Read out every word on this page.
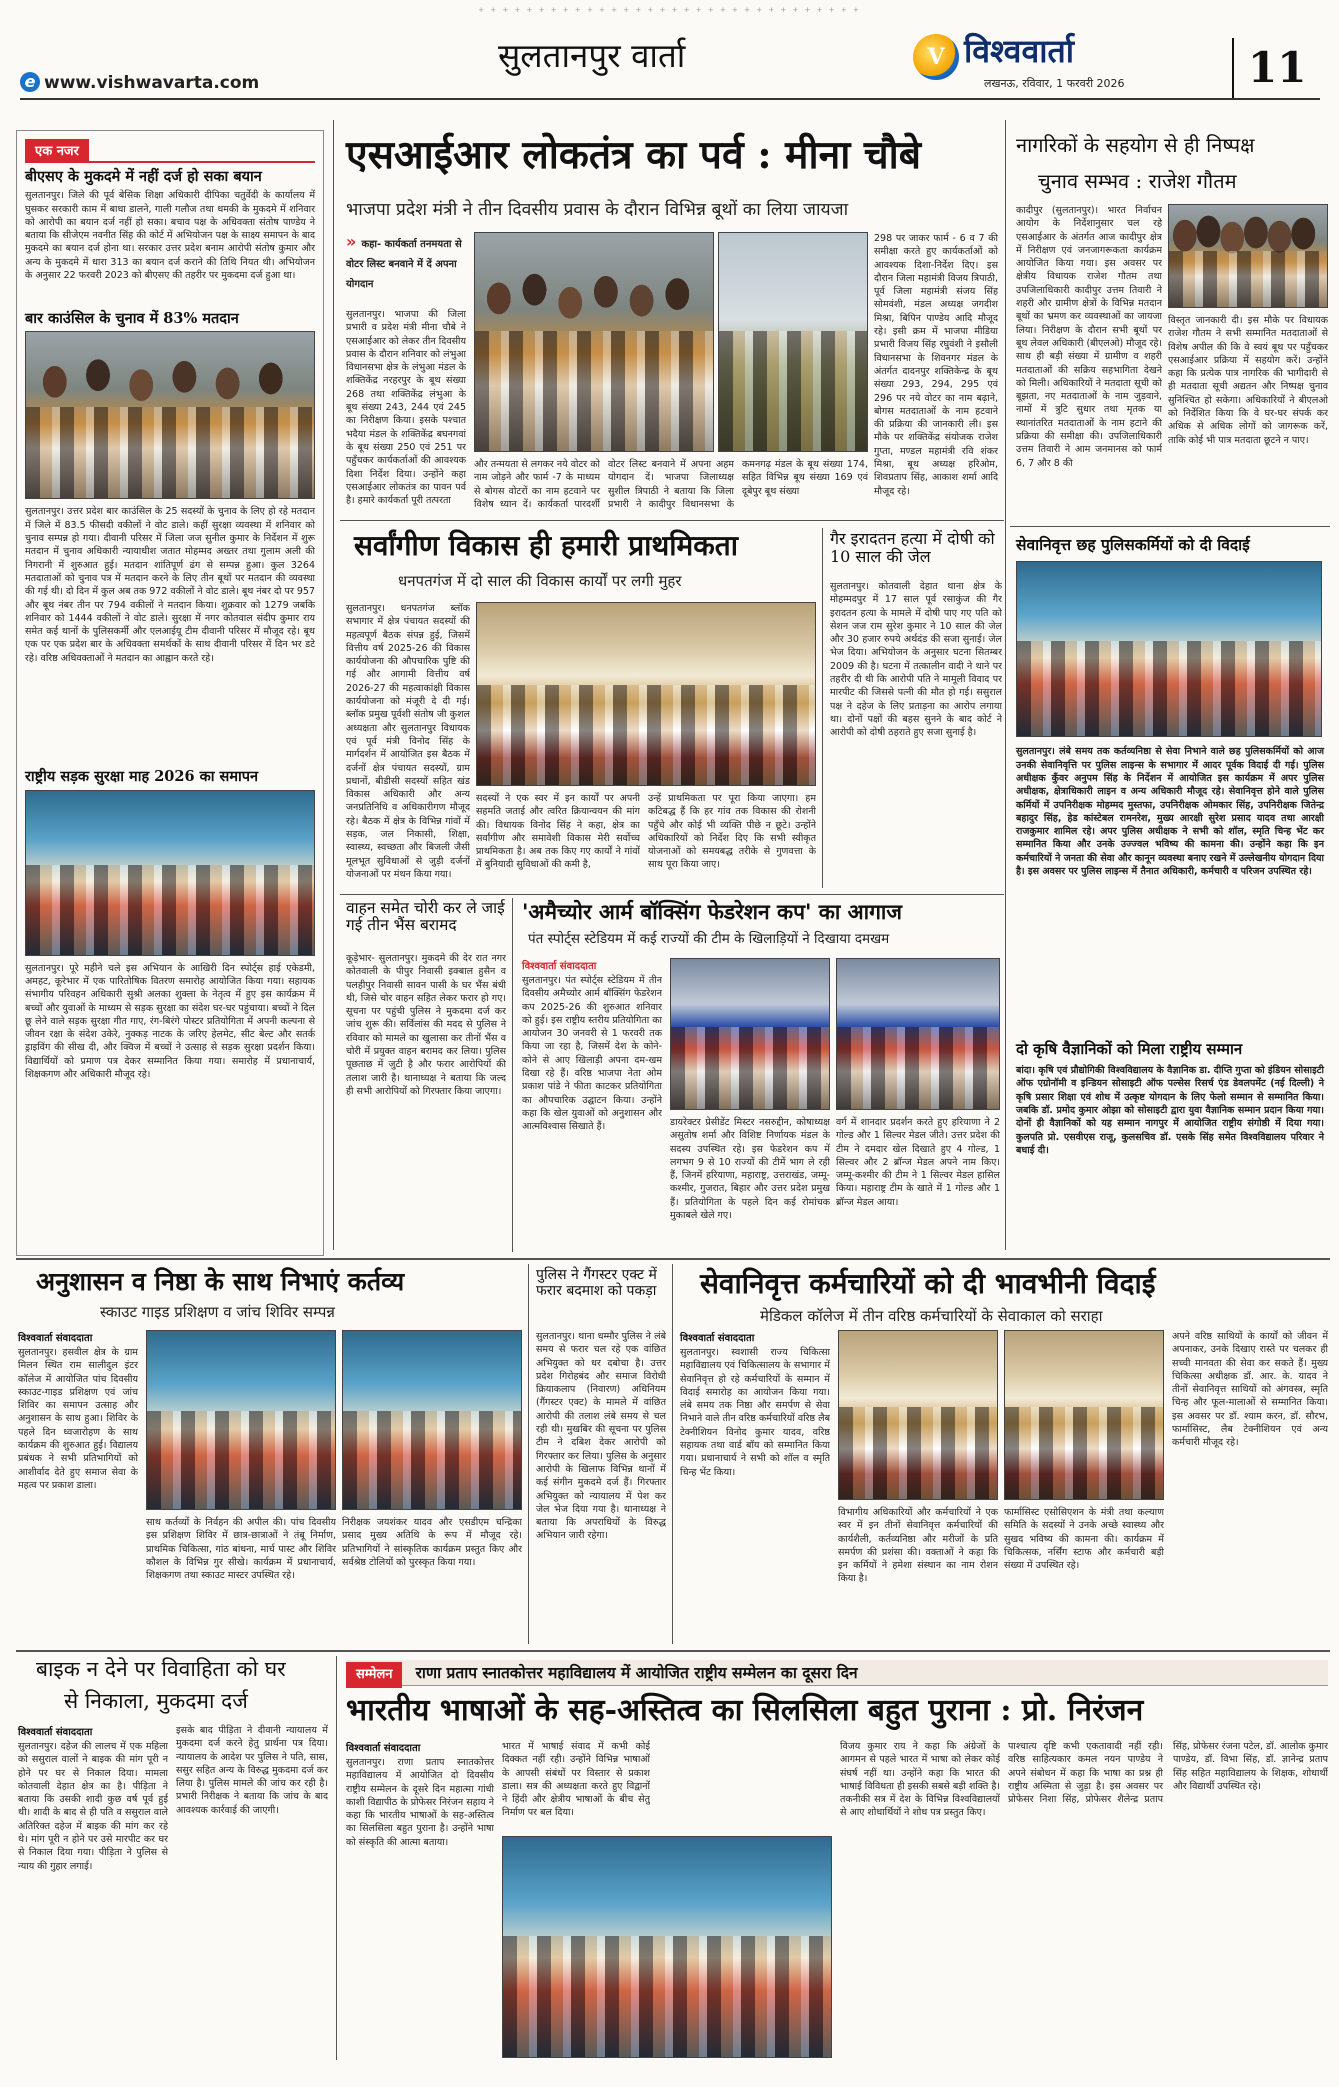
+ + + + + + + + + + + + + + + + + + + + + + + + + + + + + + + +
e www.vishwavarta.com
सुलतानपुर वार्ता	V विश्ववार्ता
लखनऊ, रविवार, 1 फरवरी 2026	11
एक नजर
बीएसए के मुकदमे में नहीं दर्ज हो सका बयान
सुलतानपुर। जिले की पूर्व बेसिक शिक्षा अधिकारी दीपिका चतुर्वेदी के कार्यालय में घुसकर सरकारी काम में बाधा डालने, गाली गलौज तथा धमकी के मुकदमे में शनिवार को आरोपी का बयान दर्ज नहीं हो सका। बचाव पक्ष के अधिवक्ता संतोष पाण्डेय ने बताया कि सीजेएम नवनीत सिंह की कोर्ट में अभियोजन पक्ष के साक्ष्य समापन के बाद मुकदमे का बयान दर्ज होना था। सरकार उत्तर प्रदेश बनाम आरोपी संतोष कुमार और अन्य के मुकदमे में धारा 313 का बयान दर्ज कराने की तिथि नियत थी। अभियोजन के अनुसार 22 फरवरी 2023 को बीएसए की तहरीर पर मुकदमा दर्ज हुआ था।
बार काउंसिल के चुनाव में 83% मतदान
सुलतानपुर। उत्तर प्रदेश बार काउंसिल के 25 सदस्यों के चुनाव के लिए हो रहे मतदान में जिले में 83.5 फीसदी वकीलों ने वोट डाले। कहीं सुरक्षा व्यवस्था में शनिवार को चुनाव सम्पन्न हो गया। दीवानी परिसर में जिला जज सुनील कुमार के निर्देशन में शुरू मतदान में चुनाव अधिकारी न्यायाधीश जतात मोहम्मद अख्तर तथा गुलाम अली की निगरानी में शुरुआत हुई। मतदान शांतिपूर्ण ढंग से सम्पन्न हुआ। कुल 3264 मतदाताओं को चुनाव पत्र में मतदान करने के लिए तीन बूथों पर मतदान की व्यवस्था की गई थी। दो दिन में कुल अब तक 972 वकीलों ने वोट डाले। बूथ नंबर दो पर 957 और बूथ नंबर तीन पर 794 वकीलों ने मतदान किया। शुक्रवार को 1279 जबकि शनिवार को 1444 वकीलों ने वोट डाले। सुरक्षा में नगर कोतवाल संदीप कुमार राय समेत कई थानों के पुलिसकर्मी और एलआईयू टीम दीवानी परिसर में मौजूद रहे। बूथ एक पर एक प्रदेश बार के अधिवक्ता समर्थकों के साथ दीवानी परिसर में दिन भर डटे रहे। वरिष्ठ अधिवक्ताओं ने मतदान का आह्वान करते रहे।
राष्ट्रीय सड़क सुरक्षा माह 2026 का समापन
सुलतानपुर। पूरे महीने चले इस अभियान के आखिरी दिन स्पोर्ट्स हाई एकेडमी, अमहट, कूरेभार में एक पारितोषिक वितरण समारोह आयोजित किया गया। सहायक संभागीय परिवहन अधिकारी सुश्री अलका शुक्ला के नेतृत्व में हुए इस कार्यक्रम में बच्चों और युवाओं के माध्यम से सड़क सुरक्षा का संदेश घर-घर पहुंचाया। बच्चों ने दिल छू लेने वाले सड़क सुरक्षा गीत गाए, रंग-बिरंगे पोस्टर प्रतियोगिता में अपनी कल्पना से जीवन रक्षा के संदेश उकेरे, नुक्कड़ नाटक के जरिए हेलमेट, सीट बेल्ट और सतर्क ड्राइविंग की सीख दी, और क्विज में बच्चों ने उत्साह से सड़क सुरक्षा प्रदर्शन किया। विद्यार्थियों को प्रमाण पत्र देकर सम्मानित किया गया। समारोह में प्रधानाचार्य, शिक्षकगण और अधिकारी मौजूद रहे।
एसआईआर लोकतंत्र का पर्व : मीना चौबे
भाजपा प्रदेश मंत्री ने तीन दिवसीय प्रवास के दौरान विभिन्न बूथों का लिया जायजा
» कहा- कार्यकर्ता तनमयता से वोटर लिस्ट बनवाने में दें अपना योगदान
सुलतानपुर। भाजपा की जिला प्रभारी व प्रदेश मंत्री मीना चौबे ने एसआईआर को लेकर तीन दिवसीय प्रवास के दौरान शनिवार को लंभुआ विधानसभा क्षेत्र के लंभुआ मंडल के शक्तिकेंद्र नरहरपुर के बूथ संख्या 268 तथा शक्तिकेंद्र लंभुआ के बूथ संख्या 243, 244 एवं 245 का निरीक्षण किया। इसके पश्चात भदैया मंडल के शक्तिकेंद्र बघनगवां के बूथ संख्या 250 एवं 251 पर पहुँचकर कार्यकर्ताओं की आवश्यक दिशा निर्देश दिया। उन्होंने कहा एसआईआर लोकतंत्र का पावन पर्व है। हमारे कार्यकर्ता पूरी तत्परता
और तन्मयता से लगकर नये वोटर को नाम जोड़ने और फार्म -7 के माध्यम से बोगस वोटरों का नाम हटवाने पर विशेष ध्यान दें। कार्यकर्ता पारदर्शी वोटर लिस्ट बनवाने में अपना अहम योगदान दें। भाजपा जिलाध्यक्ष सुशील त्रिपाठी ने बताया कि जिला प्रभारी ने कादीपुर विधानसभा के कमनगढ़ मंडल के बूथ संख्या 174, सहित विभिन्न बूथ संख्या 169 एवं दूबेपुर बूथ संख्या
298 पर जाकर फार्म - 6 व 7 की समीक्षा करते हुए कार्यकर्ताओं को आवश्यक दिशा-निर्देश दिए। इस दौरान जिला महामंत्री विजय त्रिपाठी, पूर्व जिला महामंत्री संजय सिंह सोमवंशी, मंडल अध्यक्ष जगदीश मिश्रा, बिपिन पाण्डेय आदि मौजूद रहे। इसी क्रम में भाजपा मीडिया प्रभारी विजय सिंह रघुवंशी ने इसौली विधानसभा के शिवनगर मंडल के अंतर्गत दादनपुर शक्तिकेन्द्र के बूथ संख्या 293, 294, 295 एवं 296 पर नये वोटर का नाम बढ़ाने, बोगस मतदाताओं के नाम हटवाने की प्रक्रिया की जानकारी ली। इस मौके पर शक्तिकेंद्र संयोजक राजेश गुप्ता, मण्डल महामंत्री रवि शंकर मिश्रा, बूथ अध्यक्ष हरिओम, शिवप्रताप सिंह, आकाश शर्मा आदि मौजूद रहे।
नागरिकों के सहयोग से ही निष्पक्ष
चुनाव सम्भव : राजेश गौतम
कादीपुर (सुलतानपुर)। भारत निर्वाचन आयोग के निर्देशानुसार चल रहे एसआईआर के अंतर्गत आज कादीपुर क्षेत्र में निरीक्षण एवं जनजागरूकता कार्यक्रम आयोजित किया गया। इस अवसर पर क्षेत्रीय विधायक राजेश गौतम तथा उपजिलाधिकारी कादीपुर उत्तम तिवारी ने शहरी और ग्रामीण क्षेत्रों के विभिन्न मतदान बूथों का भ्रमण कर व्यवस्थाओं का जायजा लिया। निरीक्षण के दौरान सभी बूथों पर बूथ लेवल अधिकारी (बीएलओ) मौजूद रहे। साथ ही बड़ी संख्या में ग्रामीण व शहरी मतदाताओं की सक्रिय सहभागिता देखने को मिली। अधिकारियों ने मतदाता सूची को बूझता, नए मतदाताओं के नाम जुड़वाने, नामों में त्रुटि सुधार तथा मृतक या स्थानांतरित मतदाताओं के नाम हटाने की प्रक्रिया की समीक्षा की। उपजिलाधिकारी उत्तम तिवारी ने आम जनमानस को फार्म 6, 7 और 8 की
विस्तृत जानकारी दी। इस मौके पर विधायक राजेश गौतम ने सभी सम्मानित मतदाताओं से विशेष अपील की कि वे स्वयं बूथ पर पहुँचकर एसआईआर प्रक्रिया में सहयोग करें। उन्होंने कहा कि प्रत्येक पात्र नागरिक की भागीदारी से ही मतदाता सूची अद्यतन और निष्पक्ष चुनाव सुनिश्चित हो सकेगा। अधिकारियों ने बीएलओ को निर्देशित किया कि वे घर-घर संपर्क कर अधिक से अधिक लोगों को जागरूक करें, ताकि कोई भी पात्र मतदाता छूटने न पाए।
सर्वांगीण विकास ही हमारी प्राथमिकता
धनपतगंज में दो साल की विकास कार्यों पर लगी मुहर
सुलतानपुर। धनपतगंज ब्लॉक सभागार में क्षेत्र पंचायत सदस्यों की महत्वपूर्ण बैठक संपन्न हुई, जिसमें वित्तीय वर्ष 2025-26 की विकास कार्ययोजना की औपचारिक पुष्टि की गई और आगामी वित्तीय वर्ष 2026-27 की महत्वाकांक्षी विकास कार्ययोजना को मंजूरी दे दी गई। ब्लॉक प्रमुख पूर्वशी संतोष जी कुशल अध्यक्षता और सुलतानपुर विधायक एवं पूर्व मंत्री विनोद सिंह के मार्गदर्शन में आयोजित इस बैठक में दर्जनों क्षेत्र पंचायत सदस्यों, ग्राम प्रधानों, बीडीसी सदस्यों सहित खंड विकास अधिकारी और अन्य जनप्रतिनिधि व अधिकारीगण मौजूद रहे। बैठक में क्षेत्र के विभिन्न गांवों में सड़क, जल निकासी, शिक्षा, स्वास्थ्य, स्वच्छता और बिजली जैसी मूलभूत सुविधाओं से जुड़ी दर्जनों योजनाओं पर मंथन किया गया।
सदस्यों ने एक स्वर में इन कार्यों पर अपनी सहमति जताई और त्वरित क्रियान्वयन की मांग की। विधायक विनोद सिंह ने कहा, क्षेत्र का सर्वांगीण और समावेशी विकास मेरी सर्वोच्च प्राथमिकता है। अब तक किए गए कार्यों ने गांवों में बुनियादी सुविधाओं की कमी है,
उन्हें प्राथमिकता पर पूरा किया जाएगा। हम कटिबद्ध हैं कि हर गांव तक विकास की रोशनी पहुँचे और कोई भी व्यक्ति पीछे न छूटे। उन्होंने अधिकारियों को निर्देश दिए कि सभी स्वीकृत योजनाओं को समयबद्ध तरीके से गुणवत्ता के साथ पूरा किया जाए।
गैर इरादतन हत्या में दोषी को 10 साल की जेल
सुलतानपुर। कोतवाली देहात थाना क्षेत्र के मोहम्मदपुर में 17 साल पूर्व रसाकुंज की गैर इरादतन हत्या के मामले में दोषी पाए गए पति को सेशन जज राम सुरेश कुमार ने 10 साल की जेल और 30 हजार रुपये अर्थदंड की सजा सुनाई। जेल भेज दिया। अभियोजन के अनुसार घटना सितम्बर 2009 की है। घटना में तत्कालीन वादी ने थाने पर तहरीर दी थी कि आरोपी पति ने मामूली विवाद पर मारपीट की जिससे पत्नी की मौत हो गई। ससुराल पक्ष ने दहेज के लिए प्रताड़ना का आरोप लगाया था। दोनों पक्षों की बहस सुनने के बाद कोर्ट ने आरोपी को दोषी ठहराते हुए सजा सुनाई है।
सेवानिवृत्त छह पुलिसकर्मियों को दी विदाई
सुलतानपुर। लंबे समय तक कर्तव्यनिष्ठा से सेवा निभाने वाले छह पुलिसकर्मियों को आज उनकी सेवानिवृत्ति पर पुलिस लाइन्स के सभागार में आदर पूर्वक विदाई दी गई। पुलिस अधीक्षक कुँवर अनुपम सिंह के निर्देशन में आयोजित इस कार्यक्रम में अपर पुलिस अधीक्षक, क्षेत्राधिकारी लाइन व अन्य अधिकारी मौजूद रहे। सेवानिवृत्त होने वाले पुलिस कर्मियों में उपनिरीक्षक मोहम्मद मुस्तफा, उपनिरीक्षक ओमकार सिंह, उपनिरीक्षक जितेन्द्र बहादुर सिंह, हेड कांस्टेबल रामनरेश, मुख्य आरक्षी सुरेश प्रसाद यादव तथा आरक्षी राजकुमार शामिल रहे। अपर पुलिस अधीक्षक ने सभी को शॉल, स्मृति चिन्ह भेंट कर सम्मानित किया और उनके उज्ज्वल भविष्य की कामना की। उन्होंने कहा कि इन कर्मचारियों ने जनता की सेवा और कानून व्यवस्था बनाए रखने में उल्लेखनीय योगदान दिया है। इस अवसर पर पुलिस लाइन्स में तैनात अधिकारी, कर्मचारी व परिजन उपस्थित रहे।
दो कृषि वैज्ञानिकों को मिला राष्ट्रीय सम्मान
बांदा। कृषि एवं प्रौद्योगिकी विश्वविद्यालय के वैज्ञानिक डा. दीप्ति गुप्ता को इंडियन सोसाइटी ऑफ एग्रोनॉमी व इन्डियन सोसाइटी ऑफ पल्सेस रिसर्च एंड डेवलपमेंट (नई दिल्ली) ने कृषि प्रसार शिक्षा एवं शोध में उत्कृष्ट योगदान के लिए फेलो सम्मान से सम्मानित किया। जबकि डॉ. प्रमोद कुमार ओझा को सोसाइटी द्वारा युवा वैज्ञानिक सम्मान प्रदान किया गया। दोनों ही वैज्ञानिकों को यह सम्मान नागपुर में आयोजित राष्ट्रीय संगोष्ठी में दिया गया। कुलपति प्रो. एसवीएस राजू, कुलसचिव डॉ. एसके सिंह समेत विश्वविद्यालय परिवार ने बधाई दी।
वाहन समेत चोरी कर ले जाई गई तीन भैंस बरामद
कूड़ेभार- सुलतानपुर। मुकदमे की देर रात नगर कोतवाली के पीपुर निवासी इक्बाल हुसैन व पलहीपुर निवासी सावन पासी के घर भैंस बंधी थी, जिसे चोर वाहन सहित लेकर फरार हो गए। सूचना पर पहुंची पुलिस ने मुकदमा दर्ज कर जांच शुरू की। सर्विलांस की मदद से पुलिस ने रविवार को मामले का खुलासा कर तीनों भैंस व चोरी में प्रयुक्त वाहन बरामद कर लिया। पुलिस पूछताछ में जुटी है और फरार आरोपियों की तलाश जारी है। थानाध्यक्ष ने बताया कि जल्द ही सभी आरोपियों को गिरफ्तार किया जाएगा।
'अमैच्योर आर्म बॉक्सिंग फेडरेशन कप' का आगाज
पंत स्पोर्ट्स स्टेडियम में कई राज्यों की टीम के खिलाड़ियों ने दिखाया दमखम
विश्ववार्ता संवाददाता
सुलतानपुर। पंत स्पोर्ट्स स्टेडियम में तीन दिवसीय अमैच्योर आर्म बॉक्सिंग फेडरेशन कप 2025-26 की शुरुआत शनिवार को हुई। इस राष्ट्रीय स्तरीय प्रतियोगिता का आयोजन 30 जनवरी से 1 फरवरी तक किया जा रहा है, जिसमें देश के कोने-कोने से आए खिलाड़ी अपना दम-खम दिखा रहे हैं। वरिष्ठ भाजपा नेता ओम प्रकाश पांडे ने फीता काटकर प्रतियोगिता का औपचारिक उद्घाटन किया। उन्होंने कहा कि खेल युवाओं को अनुशासन और आत्मविश्वास सिखाते हैं।	डायरेक्टर प्रेसीडेंट मिस्टर नसरुद्दीन, कोषाध्यक्ष असुतोष शर्मा और विशिष्ट निर्णायक मंडल के सदस्य उपस्थित रहे। इस फेडरेशन कप में लगभग 9 से 10 राज्यों की टीमें भाग ले रही हैं, जिनमें हरियाणा, महाराष्ट्र, उत्तराखंड, जम्मू-कश्मीर, गुजरात, बिहार और उत्तर प्रदेश प्रमुख हैं। प्रतियोगिता के पहले दिन कई रोमांचक मुकाबले खेले गए।
वर्ग में शानदार प्रदर्शन करते हुए हरियाणा ने 2 गोल्ड और 1 सिल्वर मेडल जीते। उत्तर प्रदेश की टीम ने दमदार खेल दिखाते हुए 4 गोल्ड, 1 सिल्वर और 2 ब्रॉन्ज मेडल अपने नाम किए। जम्मू-कश्मीर की टीम ने 1 सिल्वर मेडल हासिल किया। महाराष्ट्र टीम के खाते में 1 गोल्ड और 1 ब्रॉन्ज मेडल आया।
अनुशासन व निष्ठा के साथ निभाएं कर्तव्य
स्काउट गाइड प्रशिक्षण व जांच शिविर सम्पन्न
विश्ववार्ता संवाददाता
सुलतानपुर। हसवील क्षेत्र के ग्राम मिलन स्थित राम सालीदुल इंटर कॉलेज में आयोजित पांच दिवसीय स्काउट-गाइड प्रशिक्षण एवं जांच शिविर का समापन उत्साह और अनुशासन के साथ हुआ। शिविर के पहले दिन ध्वजारोहण के साथ कार्यक्रम की शुरुआत हुई। विद्यालय प्रबंधक ने सभी प्रतिभागियों को आशीर्वाद देते हुए समाज सेवा के महत्व पर प्रकाश डाला।
साथ कर्तव्यों के निर्वहन की अपील की। पांच दिवसीय इस प्रशिक्षण शिविर में छात्र-छात्राओं ने तंबू निर्माण, प्राथमिक चिकित्सा, गांठ बांधना, मार्च पास्ट और शिविर कौशल के विभिन्न गुर सीखे। कार्यक्रम में प्रधानाचार्य, शिक्षकगण तथा स्काउट मास्टर उपस्थित रहे।
निरीक्षक जयशंकर यादव और एसडीएम चन्द्रिका प्रसाद मुख्य अतिथि के रूप में मौजूद रहे। प्रतिभागियों ने सांस्कृतिक कार्यक्रम प्रस्तुत किए और सर्वश्रेष्ठ टोलियों को पुरस्कृत किया गया।
पुलिस ने गैंगस्टर एक्ट में फरार बदमाश को पकड़ा
सुलतानपुर। थाना धम्मौर पुलिस ने लंबे समय से फरार चल रहे एक वांछित अभियुक्त को धर दबोचा है। उत्तर प्रदेश गिरोहबंद और समाज विरोधी क्रियाकलाप (निवारण) अधिनियम (गैंगस्टर एक्ट) के मामले में वांछित आरोपी की तलाश लंबे समय से चल रही थी। मुखबिर की सूचना पर पुलिस टीम ने दबिश देकर आरोपी को गिरफ्तार कर लिया। पुलिस के अनुसार आरोपी के खिलाफ विभिन्न थानों में कई संगीन मुकदमे दर्ज हैं। गिरफ्तार अभियुक्त को न्यायालय में पेश कर जेल भेज दिया गया है। थानाध्यक्ष ने बताया कि अपराधियों के विरुद्ध अभियान जारी रहेगा।
सेवानिवृत्त कर्मचारियों को दी भावभीनी विदाई
मेडिकल कॉलेज में तीन वरिष्ठ कर्मचारियों के सेवाकाल को सराहा
विश्ववार्ता संवाददाता
सुलतानपुर। स्वशासी राज्य चिकित्सा महाविद्यालय एवं चिकित्सालय के सभागार में सेवानिवृत्त हो रहे कर्मचारियों के सम्मान में विदाई समारोह का आयोजन किया गया। लंबे समय तक निष्ठा और समर्पण से सेवा निभाने वाले तीन वरिष्ठ कर्मचारियों वरिष्ठ लैब टेक्नीशियन विनोद कुमार यादव, वरिष्ठ सहायक तथा वार्ड बॉय को सम्मानित किया गया। प्रधानाचार्य ने सभी को शॉल व स्मृति चिन्ह भेंट किया।
विभागीय अधिकारियों और कर्मचारियों ने एक स्वर में इन तीनों सेवानिवृत्त कर्मचारियों की कार्यशैली, कर्तव्यनिष्ठा और मरीजों के प्रति समर्पण की प्रशंसा की। वक्ताओं ने कहा कि इन कर्मियों ने हमेशा संस्थान का नाम रोशन किया है।
फार्मासिस्ट एसोसिएशन के मंत्री तथा कल्याण समिति के सदस्यों ने उनके अच्छे स्वास्थ्य और सुखद भविष्य की कामना की। कार्यक्रम में चिकित्सक, नर्सिंग स्टाफ और कर्मचारी बड़ी संख्या में उपस्थित रहे।
अपने वरिष्ठ साथियों के कार्यों को जीवन में अपनाकर, उनके दिखाए रास्ते पर चलकर ही सच्ची मानवता की सेवा कर सकते हैं। मुख्य चिकित्सा अधीक्षक डॉ. आर. के. यादव ने तीनों सेवानिवृत्त साथियों को अंगवस्त्र, स्मृति चिन्ह और फूल-मालाओं से सम्मानित किया। इस अवसर पर डॉ. श्याम करन, डॉ. सौरभ, फार्मासिस्ट, लैब टेक्नीशियन एवं अन्य कर्मचारी मौजूद रहे।
बाइक न देने पर विवाहिता को घर
से निकाला, मुकदमा दर्ज
विश्ववार्ता संवाददाता
सुलतानपुर। दहेज की लालच में एक महिला को ससुराल वालों ने बाइक की मांग पूरी न होने पर घर से निकाल दिया। मामला कोतवाली देहात क्षेत्र का है। पीड़िता ने बताया कि उसकी शादी कुछ वर्ष पूर्व हुई थी। शादी के बाद से ही पति व ससुराल वाले अतिरिक्त दहेज में बाइक की मांग कर रहे थे। मांग पूरी न होने पर उसे मारपीट कर घर से निकाल दिया गया। पीड़िता ने पुलिस से न्याय की गुहार लगाई।
इसके बाद पीड़िता ने दीवानी न्यायालय में मुकदमा दर्ज करने हेतु प्रार्थना पत्र दिया। न्यायालय के आदेश पर पुलिस ने पति, सास, ससुर सहित अन्य के विरुद्ध मुकदमा दर्ज कर लिया है। पुलिस मामले की जांच कर रही है। प्रभारी निरीक्षक ने बताया कि जांच के बाद आवश्यक कार्रवाई की जाएगी।
सम्मेलन राणा प्रताप स्नातकोत्तर महाविद्यालय में आयोजित राष्ट्रीय सम्मेलन का दूसरा दिन
भारतीय भाषाओं के सह-अस्तित्व का सिलसिला बहुत पुराना : प्रो. निरंजन
विश्ववार्ता संवाददाता
सुलतानपुर। राणा प्रताप स्नातकोत्तर महाविद्यालय में आयोजित दो दिवसीय राष्ट्रीय सम्मेलन के दूसरे दिन महात्मा गांधी काशी विद्यापीठ के प्रोफेसर निरंजन सहाय ने कहा कि भारतीय भाषाओं के सह-अस्तित्व का सिलसिला बहुत पुराना है। उन्होंने भाषा को संस्कृति की आत्मा बताया।
भारत में भाषाई संवाद में कभी कोई दिक्कत नहीं रही। उन्होंने विभिन्न भाषाओं के आपसी संबंधों पर विस्तार से प्रकाश डाला। सत्र की अध्यक्षता करते हुए विद्वानों ने हिंदी और क्षेत्रीय भाषाओं के बीच सेतु निर्माण पर बल दिया।
विजय कुमार राय ने कहा कि अंग्रेजों के आगमन से पहले भारत में भाषा को लेकर कोई संघर्ष नहीं था। उन्होंने कहा कि भारत की भाषाई विविधता ही इसकी सबसे बड़ी शक्ति है। तकनीकी सत्र में देश के विभिन्न विश्वविद्यालयों से आए शोधार्थियों ने शोध पत्र प्रस्तुत किए।
पाश्चात्य दृष्टि कभी एकतावादी नहीं रही। वरिष्ठ साहित्यकार कमल नयन पाण्डेय ने अपने संबोधन में कहा कि भाषा का प्रश्न ही राष्ट्रीय अस्मिता से जुड़ा है। इस अवसर पर प्रोफेसर निशा सिंह, प्रोफेसर शैलेन्द्र प्रताप सिंह, प्रोफेसर रंजना पटेल, डॉ. आलोक कुमार पाण्डेय, डॉ. विभा सिंह, डॉ. ज्ञानेन्द्र प्रताप सिंह सहित महाविद्यालय के शिक्षक, शोधार्थी और विद्यार्थी उपस्थित रहे।
